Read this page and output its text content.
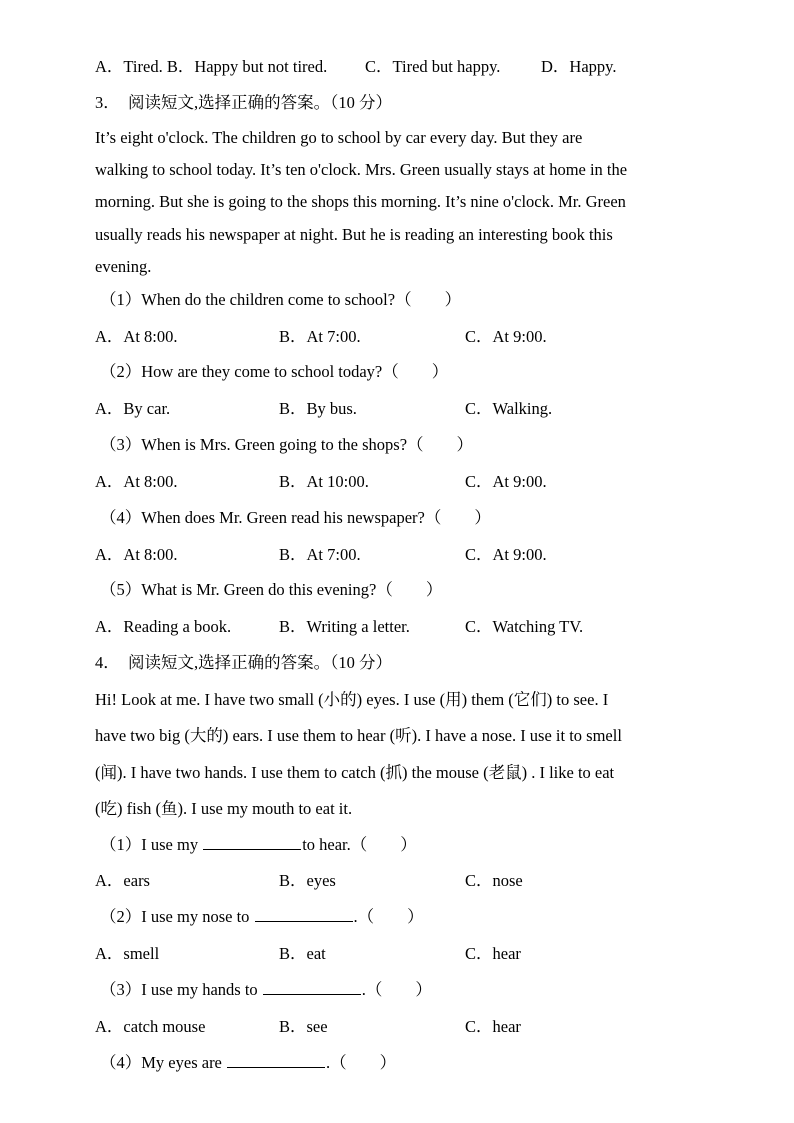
A．Tired. B．Happy but not tired. C．Tired but happy. D．Happy.
3．　阅读短文,选择正确的答案。（10 分）
It’s eight o'clock. The children go to school by car every day. But they are
walking to school today. It’s ten o'clock. Mrs. Green usually stays at home in the
morning. But she is going to the shops this morning. It’s nine o'clock. Mr. Green
usually reads his newspaper at night. But he is reading an interesting book this
evening.
（1）When do the children come to school?（　　）
A．At 8:00.	B．At 7:00.	C．At 9:00.
（2）How are they come to school today?（　　）
A．By car.	B．By bus.	C．Walking.
（3）When is Mrs. Green going to the shops?（　　）
A．At 8:00.	B．At 10:00.	C．At 9:00.
（4）When does Mr. Green read his newspaper?（　　）
A．At 8:00.	B．At 7:00.	C．At 9:00.
（5）What is Mr. Green do this evening?（　　）
A．Reading a book.	B．Writing a letter.	C．Watching TV.
4．　阅读短文,选择正确的答案。（10 分）
Hi! Look at me. I have two small (小的) eyes. I use (用) them (它们) to see. I
have two big (大的) ears. I use them to hear (听). I have a nose. I use it to smell
(闻). I have two hands. I use them to catch (抓) the mouse (老鼠) . I like to eat
(吃) fish (鱼). I use my mouth to eat it.
（1）I use my	to hear.（　　）
A．ears	B．eyes	C．nose
（2）I use my nose to	.（　　）
A．smell	B．eat	C．hear
（3）I use my hands to	.（　　）
A．catch mouse	B．see	C．hear
（4）My eyes are	.（　　）
